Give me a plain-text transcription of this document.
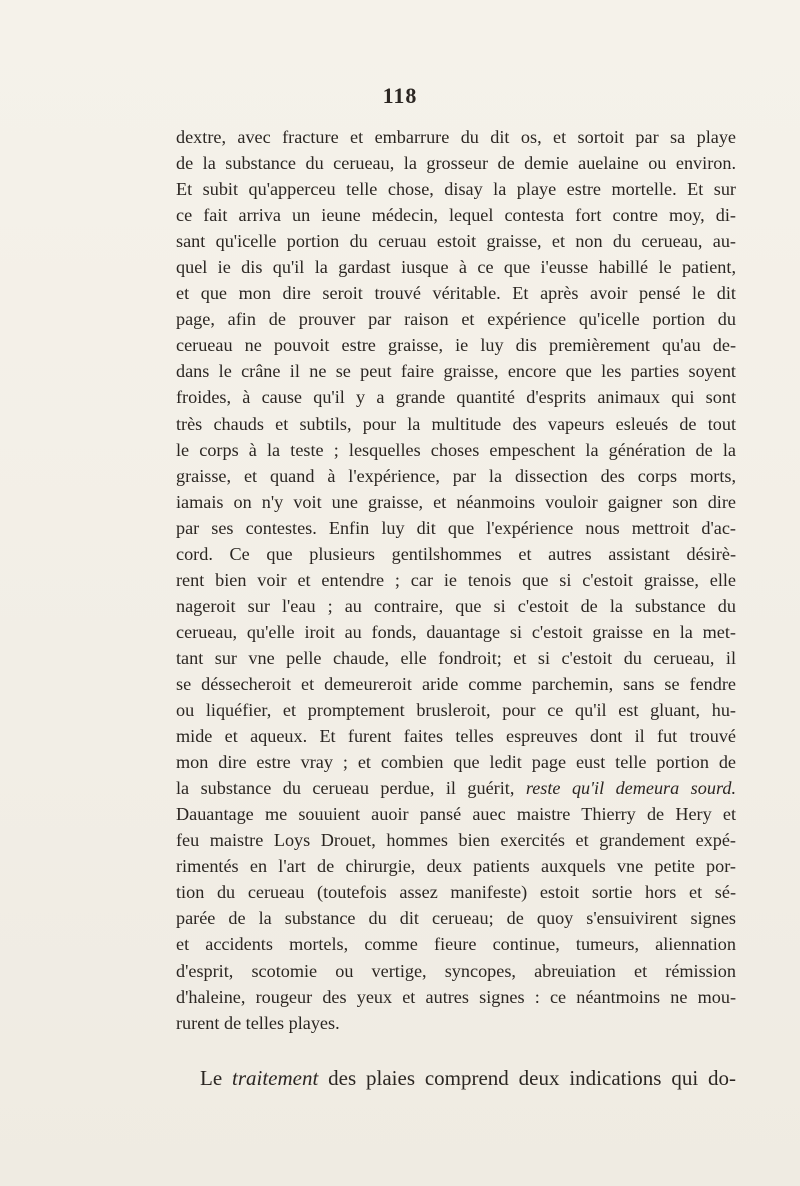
118
dextre, avec fracture et embarrure du dit os, et sortoit par sa playe
de la substance du cerueau, la grosseur de demie auelaine ou environ.
Et subit qu'apperceu telle chose, disay la playe estre mortelle. Et sur
ce fait arriva un ieune médecin, lequel contesta fort contre moy, di-
sant qu'icelle portion du ceruau estoit graisse, et non du cerueau, au-
quel ie dis qu'il la gardast iusque à ce que i'eusse habillé le patient,
et que mon dire seroit trouvé véritable. Et après avoir pensé le dit
page, afin de prouver par raison et expérience qu'icelle portion du
cerueau ne pouvoit estre graisse, ie luy dis premièrement qu'au de-
dans le crâne il ne se peut faire graisse, encore que les parties soyent
froides, à cause qu'il y a grande quantité d'esprits animaux qui sont
très chauds et subtils, pour la multitude des vapeurs esleués de tout
le corps à la teste ; lesquelles choses empeschent la génération de la
graisse, et quand à l'expérience, par la dissection des corps morts,
iamais on n'y voit une graisse, et néanmoins vouloir gaigner son dire
par ses contestes. Enfin luy dit que l'expérience nous mettroit d'ac-
cord. Ce que plusieurs gentilshommes et autres assistant désirè-
rent bien voir et entendre ; car ie tenois que si c'estoit graisse, elle
nageroit sur l'eau ; au contraire, que si c'estoit de la substance du
cerueau, qu'elle iroit au fonds, dauantage si c'estoit graisse en la met-
tant sur vne pelle chaude, elle fondroit; et si c'estoit du cerueau, il
se déssecheroit et demeureroit aride comme parchemin, sans se fendre
ou liquéfier, et promptement brusleroit, pour ce qu'il est gluant, hu-
mide et aqueux. Et furent faites telles espreuves dont il fut trouvé
mon dire estre vray ; et combien que ledit page eust telle portion de
la substance du cerueau perdue, il guérit, reste qu'il demeura sourd.
Dauantage me souuient auoir pansé auec maistre Thierry de Hery et
feu maistre Loys Drouet, hommes bien exercités et grandement expé-
rimentés en l'art de chirurgie, deux patients auxquels vne petite por-
tion du cerueau (toutefois assez manifeste) estoit sortie hors et sé-
parée de la substance du dit cerueau; de quoy s'ensuivirent signes
et accidents mortels, comme fieure continue, tumeurs, aliennation
d'esprit, scotomie ou vertige, syncopes, abreuiation et rémission
d'haleine, rougeur des yeux et autres signes : ce néantmoins ne mou-
rurent de telles playes.
Le traitement des plaies comprend deux indications qui do-
